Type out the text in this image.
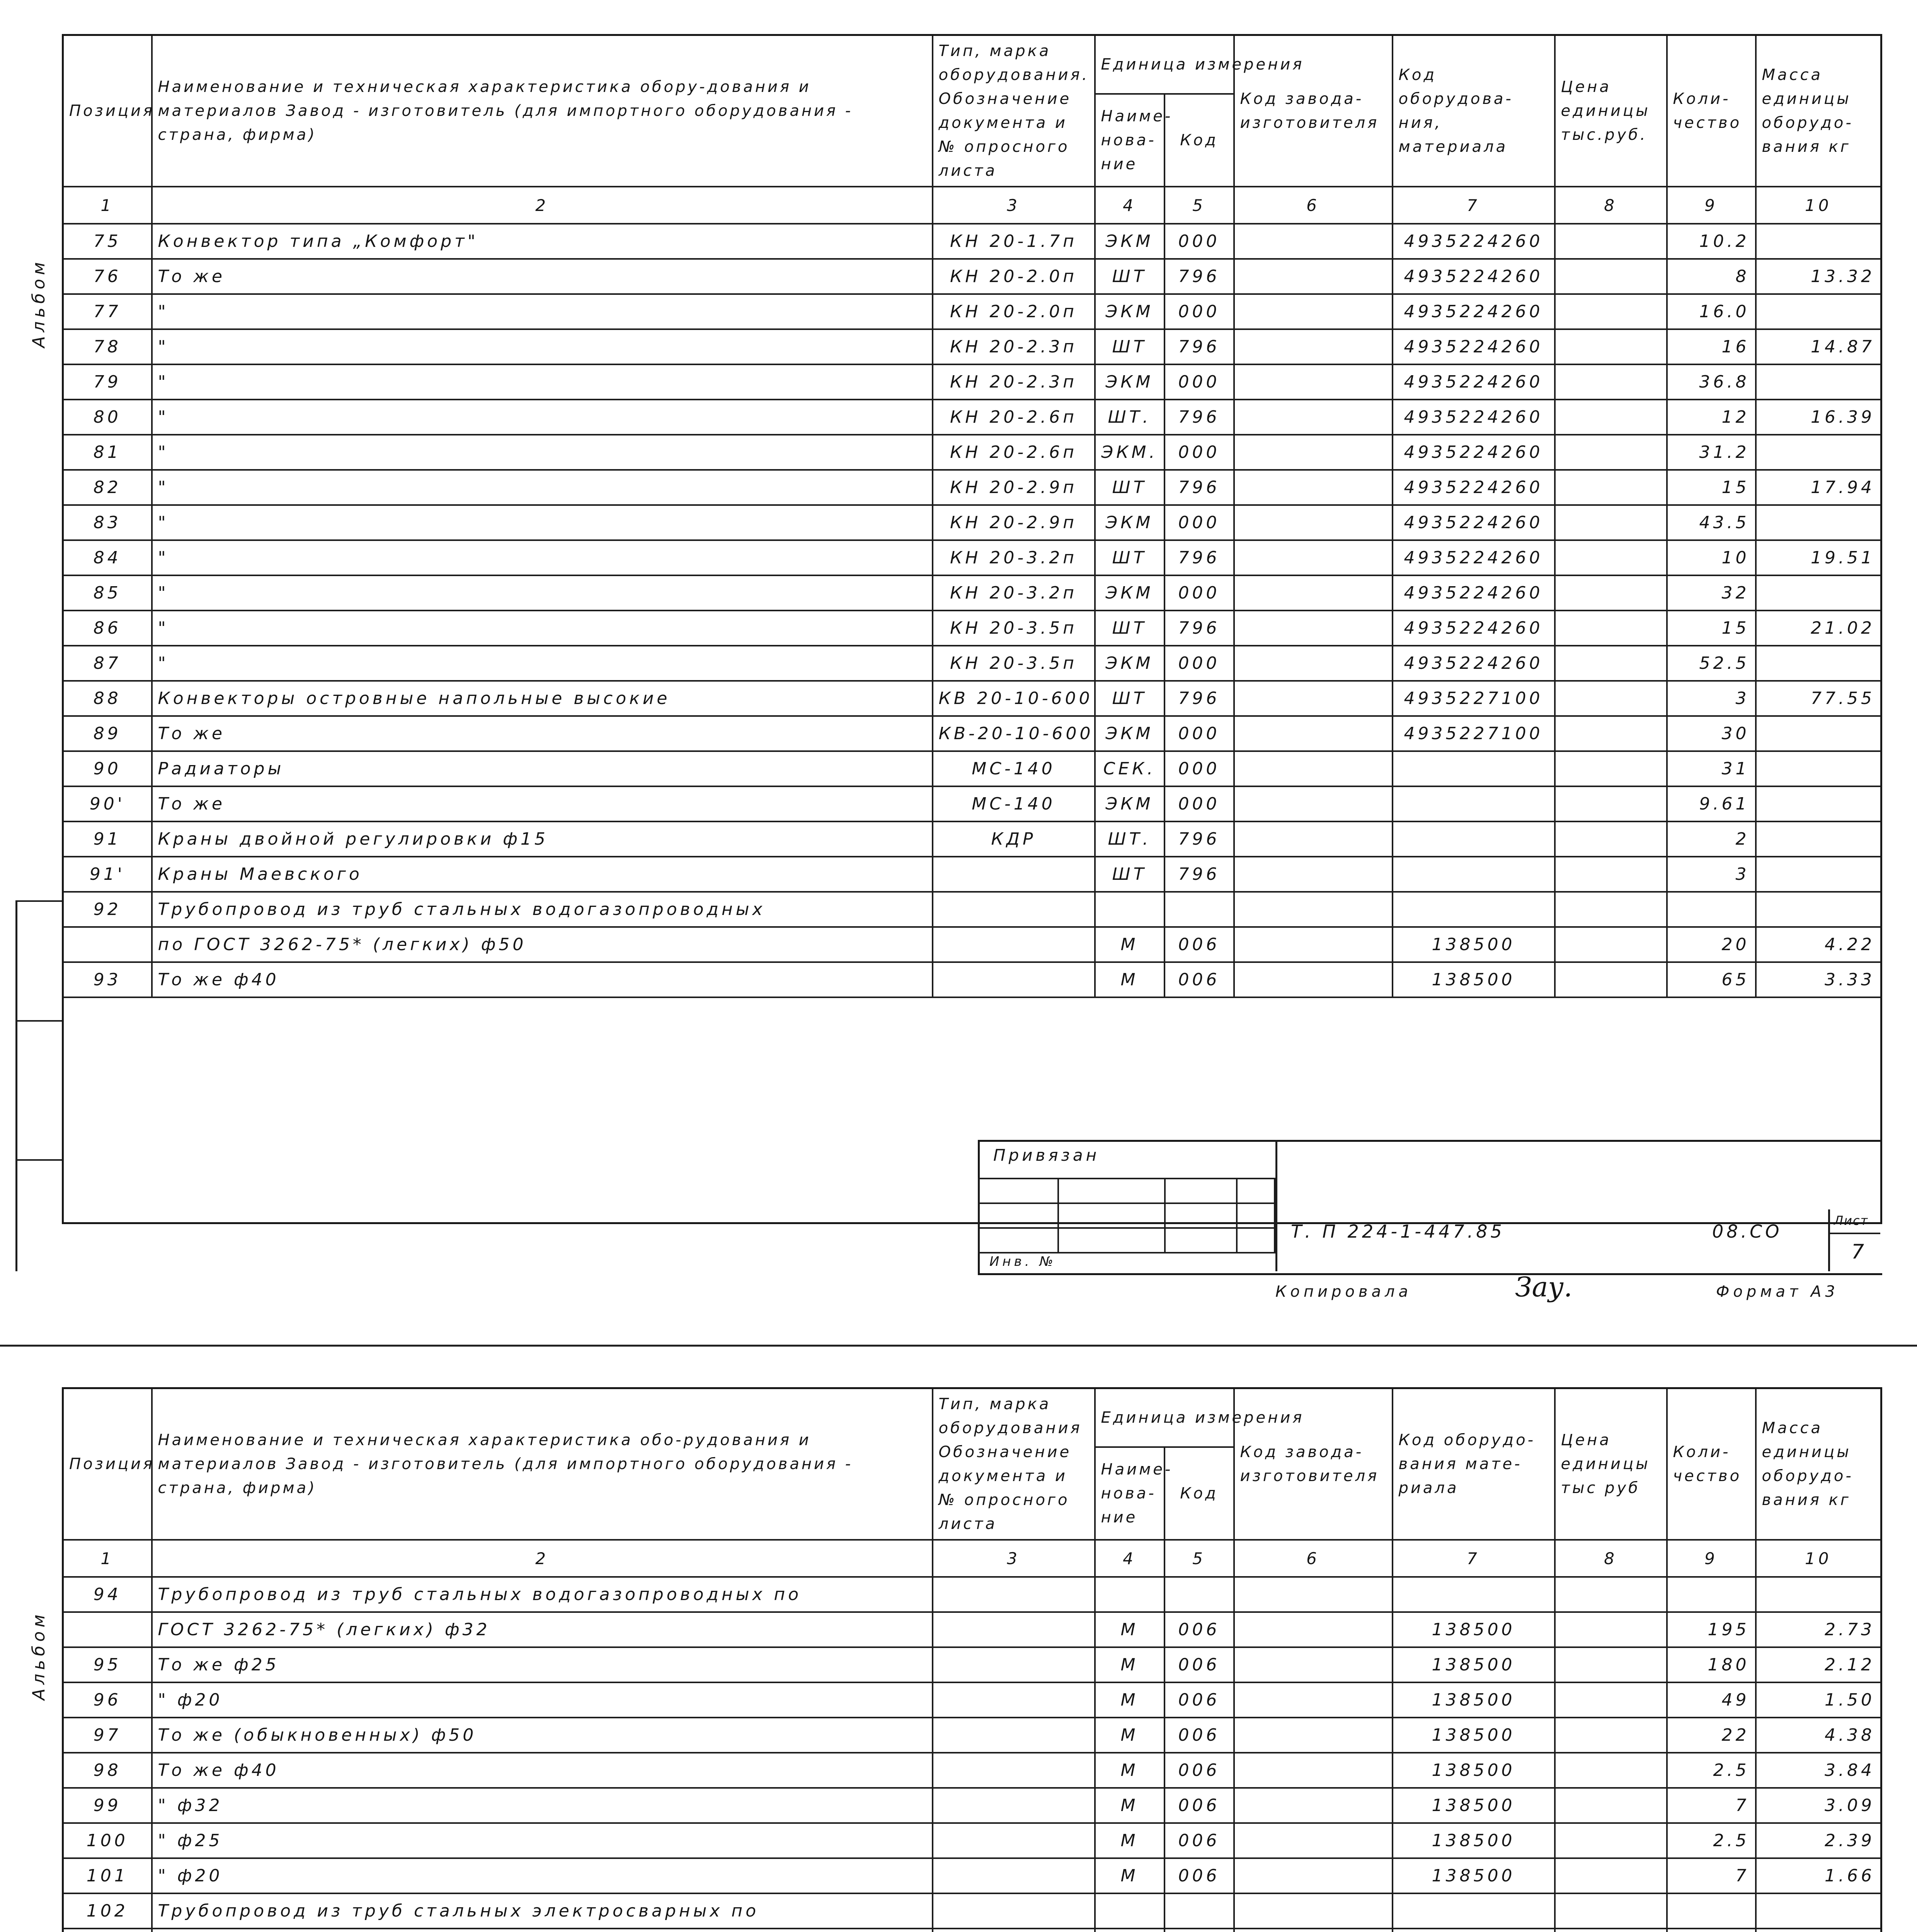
Альбом
Позиция	Наименование и техническая характеристика обору-дования и материалов Завод - изготовитель (для импортного оборудования - страна, фирма)	Тип, марка оборудования. Обозначение документа и № опросного листа	Единица измерения		Код завода-изготовителя	Код оборудова-ния, материала	Цена единицы тыс.руб.	Коли-чество	Масса единицы оборудо-вания кг
			Наиме-нова-ние	Код					
1	2	3	4	5	6	7	8	9	10
75	Конвектор типа „Комфорт"	КН 20-1.7п	ЭКМ	000		4935224260		10.2	
76	То же	КН 20-2.0п	ШТ	796		4935224260		8	13.32
77	"	КН 20-2.0п	ЭКМ	000		4935224260		16.0	
78	"	КН 20-2.3п	ШТ	796		4935224260		16	14.87
79	"	КН 20-2.3п	ЭКМ	000		4935224260		36.8	
80	"	КН 20-2.6п	ШТ.	796		4935224260		12	16.39
81	"	КН 20-2.6п	ЭКМ.	000		4935224260		31.2	
82	"	КН 20-2.9п	ШТ	796		4935224260		15	17.94
83	"	КН 20-2.9п	ЭКМ	000		4935224260		43.5	
84	"	КН 20-3.2п	ШТ	796		4935224260		10	19.51
85	"	КН 20-3.2п	ЭКМ	000		4935224260		32	
86	"	КН 20-3.5п	ШТ	796		4935224260		15	21.02
87	"	КН 20-3.5п	ЭКМ	000		4935224260		52.5	
88	Конвекторы островные напольные высокие	КВ 20-10-600	ШТ	796		4935227100		3	77.55
89	То же	КВ-20-10-600	ЭКМ	000		4935227100		30	
90	Радиаторы	МС-140	СЕК.	000				31	
90'	То же	МС-140	ЭКМ	000				9.61	
91	Краны двойной регулировки ф15	КДР	ШТ.	796				2	
91'	Краны Маевского		ШТ	796				3	
92	Трубопровод из труб стальных водогазопроводных								
	по ГОСТ 3262-75* (легких) ф50		М	006		138500		20	4.22
93	То же ф40		М	006		138500		65	3.33

Привязан

Инв. №
Т. П 224-1-447.85	08.СО
Лист
7
Копировала	Зау.	Формат А3
Альбом
Позиция	Наименование и техническая характеристика обо-рудования и материалов Завод - изготовитель (для импортного оборудования - страна, фирма)	Тип, марка оборудования Обозначение документа и № опросного листа	Единица измерения		Код завода-изготовителя	Код оборудо-вания мате-риала	Цена единицы тыс руб	Коли-чество	Масса единицы оборудо-вания кг
			Наиме-нова-ние	Код					
1	2	3	4	5	6	7	8	9	10
94	Трубопровод из труб стальных водогазопроводных по								
	ГОСТ 3262-75* (легких) ф32		М	006		138500		195	2.73
95	То же ф25		М	006		138500		180	2.12
96	" ф20		М	006		138500		49	1.50
97	То же (обыкновенных) ф50		М	006		138500		22	4.38
98	То же ф40		М	006		138500		2.5	3.84
99	" ф32		М	006		138500		7	3.09
100	" ф25		М	006		138500		2.5	2.39
101	" ф20		М	006		138500		7	1.66
102	Трубопровод из труб стальных электросварных по								
